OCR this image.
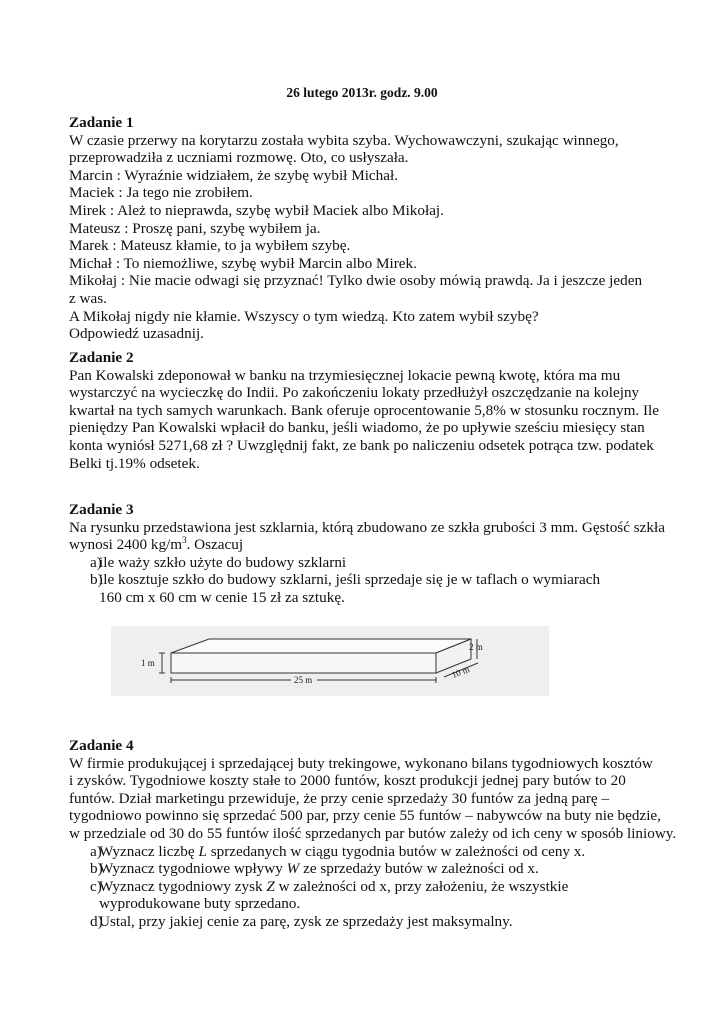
26 lutego 2013r. godz. 9.00
Zadanie 1
W czasie przerwy na korytarzu została wybita szyba. Wychowawczyni, szukając winnego,
przeprowadziła z uczniami rozmowę. Oto, co usłyszała.
Marcin : Wyraźnie widziałem, że szybę wybił Michał.
Maciek : Ja tego nie zrobiłem.
Mirek : Ależ to nieprawda, szybę wybił Maciek albo Mikołaj.
Mateusz : Proszę pani, szybę wybiłem ja.
Marek : Mateusz kłamie, to ja wybiłem szybę.
Michał : To niemożliwe, szybę wybił Marcin albo Mirek.
Mikołaj : Nie macie odwagi się przyznać! Tylko dwie osoby mówią prawdą. Ja i jeszcze jeden
z was.
A Mikołaj nigdy nie kłamie. Wszyscy o tym wiedzą. Kto zatem wybił szybę?
Odpowiedź uzasadnij.
Zadanie 2
Pan Kowalski zdeponował w banku na trzymiesięcznej lokacie pewną kwotę, która ma mu
wystarczyć na wycieczkę do Indii. Po zakończeniu lokaty przedłużył oszczędzanie na kolejny
kwartał na tych samych warunkach. Bank oferuje oprocentowanie 5,8% w stosunku rocznym. Ile
pieniędzy Pan Kowalski wpłacił do banku, jeśli wiadomo, że po upływie sześciu miesięcy stan
konta wyniósł 5271,68 zł ? Uwzględnij fakt, ze bank po naliczeniu odsetek potrąca tzw. podatek
Belki tj.19% odsetek.
Zadanie 3
Na rysunku przedstawiona jest szklarnia, którą zbudowano ze szkła grubości 3 mm. Gęstość szkła
wynosi 2400 $kg/m^3$. Oszacuj
a)
ile waży szkło użyte do budowy szklarni
b)
ile kosztuje szkło do budowy szklarni, jeśli sprzedaje się je w taflach o wymiarach
160 cm x 60 cm w cenie 15 zł za sztukę.
1 m
25 m
10 m
2 m
Zadanie 4
W firmie produkującej i sprzedającej buty trekingowe, wykonano bilans tygodniowych kosztów
i zysków. Tygodniowe koszty stałe to 2000 funtów, koszt produkcji jednej pary butów to 20
funtów. Dział marketingu przewiduje, że przy cenie sprzedaży 30 funtów za jedną parę –
tygodniowo powinno się sprzedać 500 par, przy cenie 55 funtów – nabywców na buty nie będzie,
w przedziale od 30 do 55 funtów ilość sprzedanych par butów zależy od ich ceny w sposób liniowy.
a)
Wyznacz liczbę L sprzedanych w ciągu tygodnia butów w zależności od ceny x.
b)
Wyznacz tygodniowe wpływy W ze sprzedaży butów w zależności od x.
c)
Wyznacz tygodniowy zysk Z w zależności od x, przy założeniu, że wszystkie
wyprodukowane buty sprzedano.
d)
Ustal, przy jakiej cenie za parę, zysk ze sprzedaży jest maksymalny.
